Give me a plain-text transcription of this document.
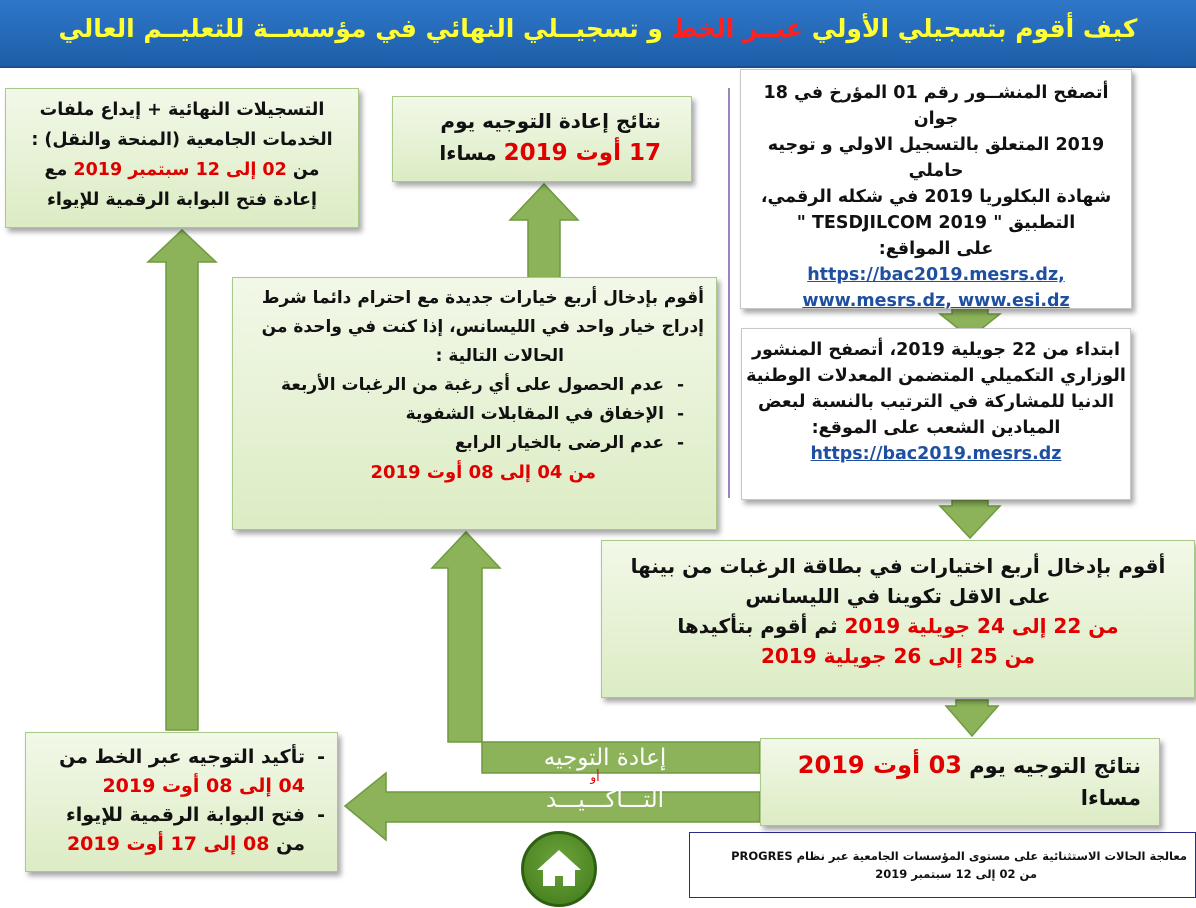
كيف أقوم بتسجيلي الأولي عبــر الخط و تسجيــلي النهائي في مؤسســة للتعليــم العالي
أتصفح المنشــور رقم 01 المؤرخ في 18 جوان
2019 المتعلق بالتسجيل الاولي و توجيه حاملي
شهادة البكلوريا 2019 في شكله الرقمي،
التطبيق " TESDJILCOM 2019 "
على المواقع:
https://bac2019.mesrs.dz,
www.mesrs.dz, www.esi.dz
ابتداء من 22 جويلية 2019، أتصفح المنشور
الوزاري التكميلي المتضمن المعدلات الوطنية
الدنيا للمشاركة في الترتيب بالنسبة لبعض
الميادين الشعب على الموقع:
https://bac2019.mesrs.dz
أقوم بإدخال أربع اختيارات في بطاقة الرغبات من بينها
على الاقل تكوينا في الليسانس
من 22 إلى 24 جويلية 2019 ثم أقوم بتأكيدها
من 25 إلى 26 جويلية 2019
نتائج التوجيه يوم 03 أوت 2019
مساءا
- تأكيد التوجيه عبر الخط من
04 إلى 08 أوت 2019
- فتح البوابة الرقمية للإيواء
من 08 إلى 17 أوت 2019
أقوم بإدخال أربع خيارات جديدة مع احترام دائما شرط
إدراج خيار واحد في الليسانس، إذا كنت في واحدة من
الحالات التالية :
- عدم الحصول على أي رغبة من الرغبات الأربعة
- الإخفاق في المقابلات الشفوية
- عدم الرضى بالخيار الرابع
من 04 إلى 08 أوت 2019
نتائج إعادة التوجيه يوم
17 أوت 2019 مساءا
التسجيلات النهائية + إيداع ملفات
الخدمات الجامعية (المنحة والنقل) :
من 02 إلى 12 سبتمبر 2019 مع
إعادة فتح البوابة الرقمية للإيواء
إعادة التوجيه
أو
التـــأكـــيـــد
معالجة الحالات الاستثنائية على مستوى المؤسسات الجامعية عبر نظام PROGRES
من 02 إلى 12 سبتمبر 2019
